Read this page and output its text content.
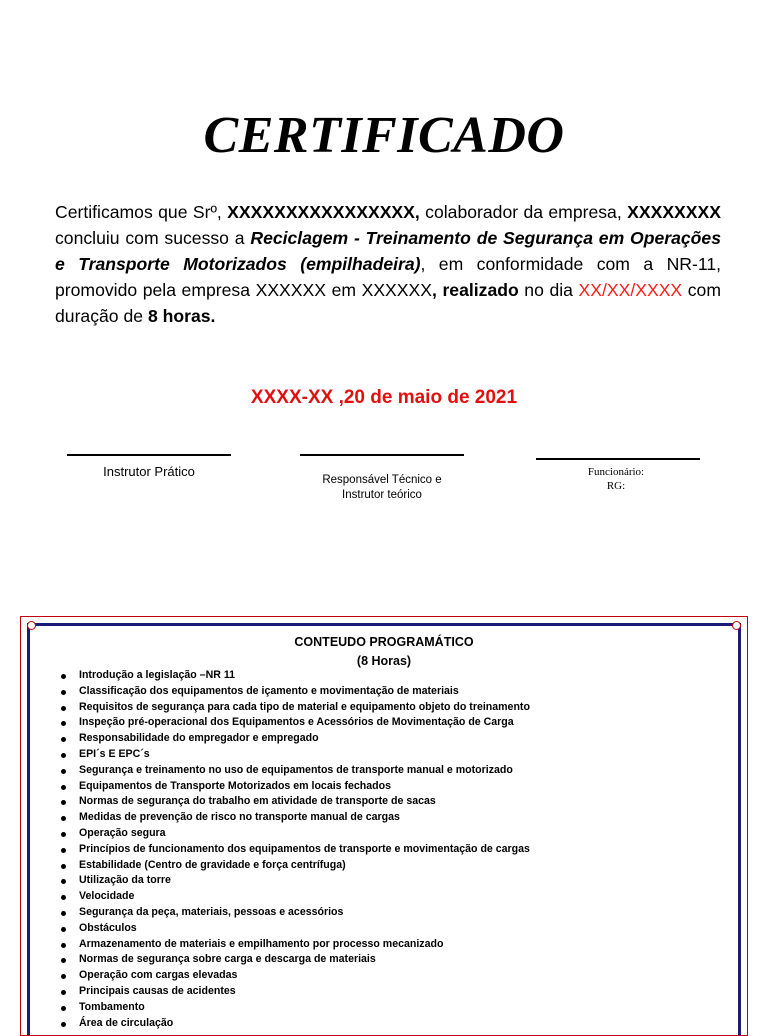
CERTIFICADO
Certificamos que Srº, XXXXXXXXXXXXXXXX, colaborador da empresa, XXXXXXXX concluiu com sucesso a Reciclagem - Treinamento de Segurança em Operações e Transporte Motorizados (empilhadeira), em conformidade com a NR-11, promovido pela empresa XXXXXX em XXXXXX, realizado no dia XX/XX/XXXX com duração de 8 horas.
XXXX-XX ,20 de maio de 2021
Instrutor Prático
Responsável Técnico e
Instrutor teórico
Funcionário:
RG:
CONTEUDO PROGRAMÁTICO
(8 Horas)
Introdução a legislação –NR 11
Classificação dos equipamentos de içamento e movimentação de materiais
Requisitos de segurança para cada tipo de material e equipamento objeto do treinamento
Inspeção pré-operacional dos Equipamentos e Acessórios de Movimentação de Carga
Responsabilidade do empregador e empregado
EPI´s E EPC´s
Segurança e treinamento no uso de equipamentos de transporte manual e motorizado
Equipamentos de Transporte Motorizados em locais fechados
Normas de segurança do trabalho em atividade de transporte de sacas
Medidas de prevenção de risco no transporte manual de cargas
Operação segura
Princípios de funcionamento dos equipamentos de transporte e movimentação de cargas
Estabilidade (Centro de gravidade e força centrífuga)
Utilização da torre
Velocidade
Segurança da peça, materiais, pessoas e acessórios
Obstáculos
Armazenamento de materiais e empilhamento por processo mecanizado
Normas de segurança sobre carga e descarga de materiais
Operação com cargas elevadas
Principais causas de acidentes
Tombamento
Área de circulação
